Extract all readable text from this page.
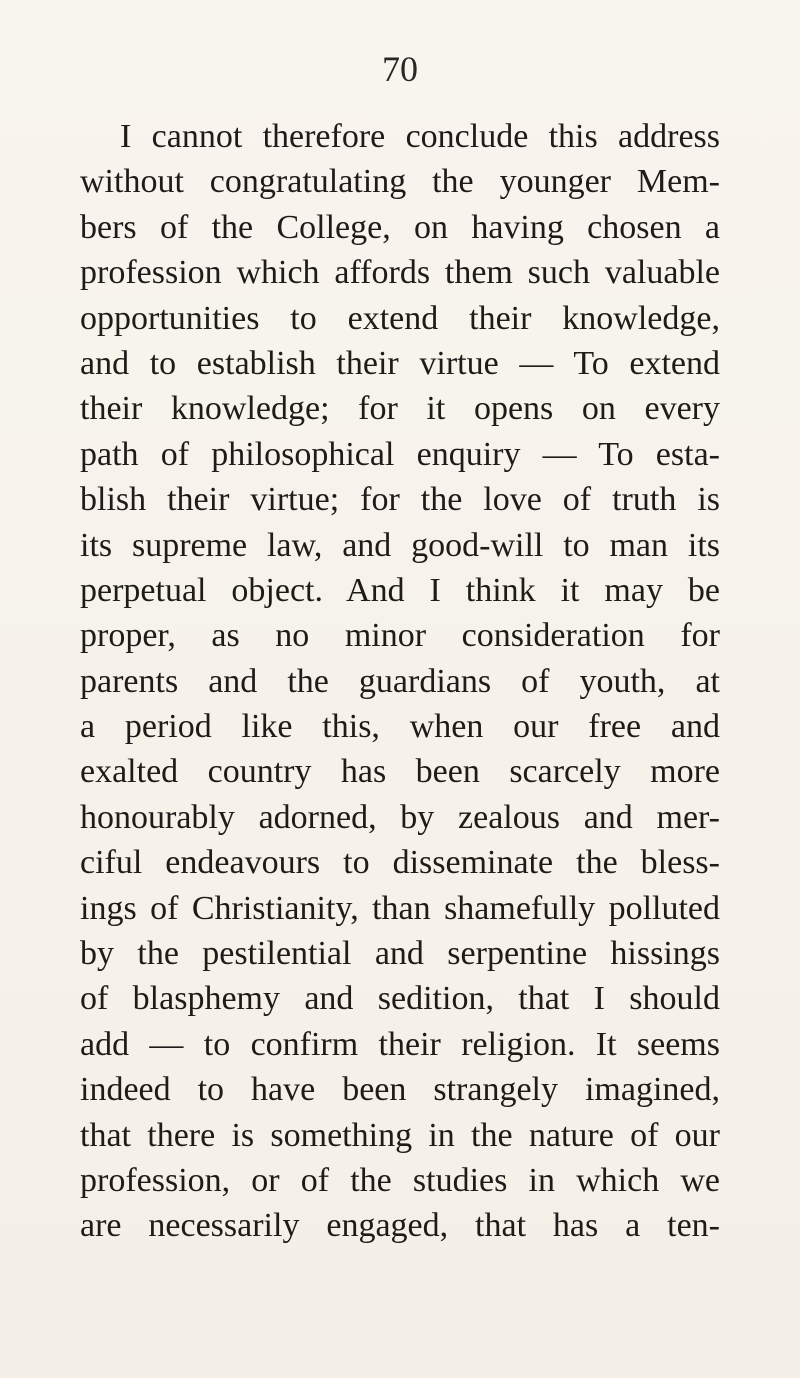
70
I cannot therefore conclude this address
without congratulating the younger Mem-
bers of the College, on having chosen a
profession which affords them such valuable
opportunities to extend their knowledge,
and to establish their virtue — To extend
their knowledge; for it opens on every
path of philosophical enquiry — To esta-
blish their virtue; for the love of truth is
its supreme law, and good-will to man its
perpetual object. And I think it may be
proper, as no minor consideration for
parents and the guardians of youth, at
a period like this, when our free and
exalted country has been scarcely more
honourably adorned, by zealous and mer-
ciful endeavours to disseminate the bless-
ings of Christianity, than shamefully polluted
by the pestilential and serpentine hissings
of blasphemy and sedition, that I should
add — to confirm their religion. It seems
indeed to have been strangely imagined,
that there is something in the nature of our
profession, or of the studies in which we
are necessarily engaged, that has a ten-
